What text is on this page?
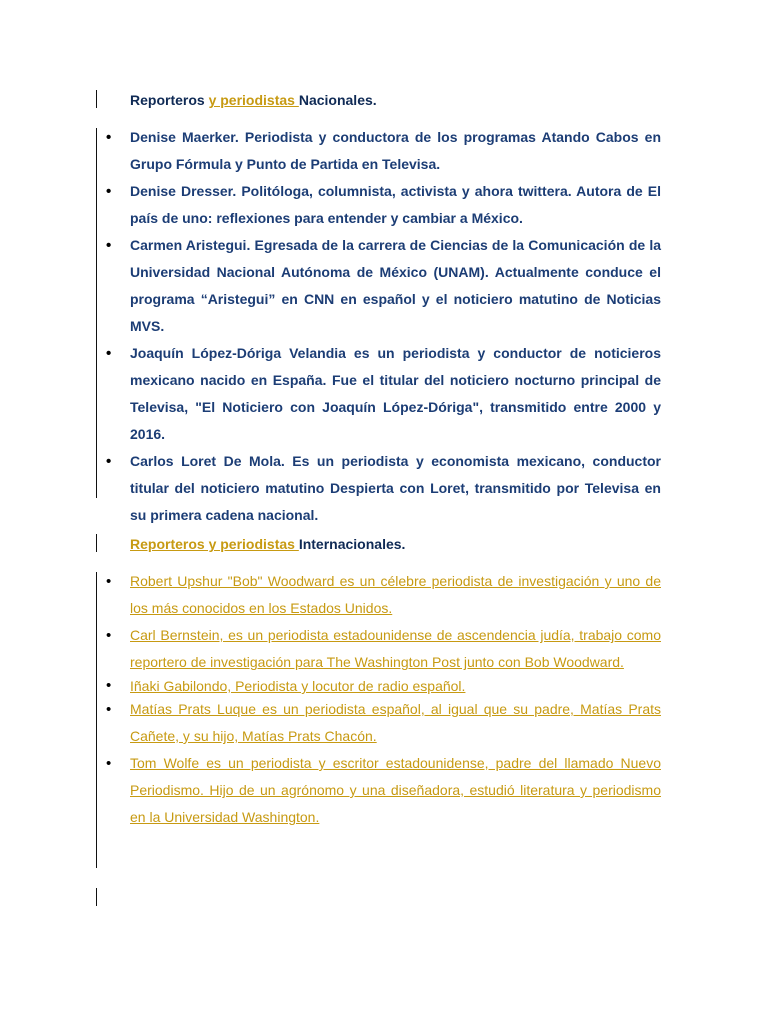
Reporteros y periodistas Nacionales.

• Denise Maerker. Periodista y conductora de los programas Atando Cabos en Grupo Fórmula y Punto de Partida en Televisa.
• Denise Dresser. Politóloga, columnista, activista y ahora twittera. Autora de El país de uno: reflexiones para entender y cambiar a México.
• Carmen Aristegui. Egresada de la carrera de Ciencias de la Comunicación de la Universidad Nacional Autónoma de México (UNAM). Actualmente conduce el programa “Aristegui” en CNN en español y el noticiero matutino de Noticias MVS.
• Joaquín López-Dóriga Velandia es un periodista y conductor de noticieros mexicano nacido en España. Fue el titular del noticiero nocturno principal de Televisa, "El Noticiero con Joaquín López-Dóriga", transmitido entre 2000 y 2016.
• Carlos Loret De Mola. Es un periodista y economista mexicano, conductor titular del noticiero matutino Despierta con Loret, transmitido por Televisa en su primera cadena nacional.

Reporteros y periodistas Internacionales.

• Robert Upshur "Bob" Woodward es un célebre periodista de investigación y uno de los más conocidos en los Estados Unidos.
• Carl Bernstein, es un periodista estadounidense de ascendencia judía, trabajo como reportero de investigación para The Washington Post junto con Bob Woodward.
• Iñaki Gabilondo, Periodista y locutor de radio español.
• Matías Prats Luque es un periodista español, al igual que su padre, Matías Prats Cañete, y su hijo, Matías Prats Chacón.
• Tom Wolfe es un periodista y escritor estadounidense, padre del llamado Nuevo Periodismo. Hijo de un agrónomo y una diseñadora, estudió literatura y periodismo en la Universidad Washington.
